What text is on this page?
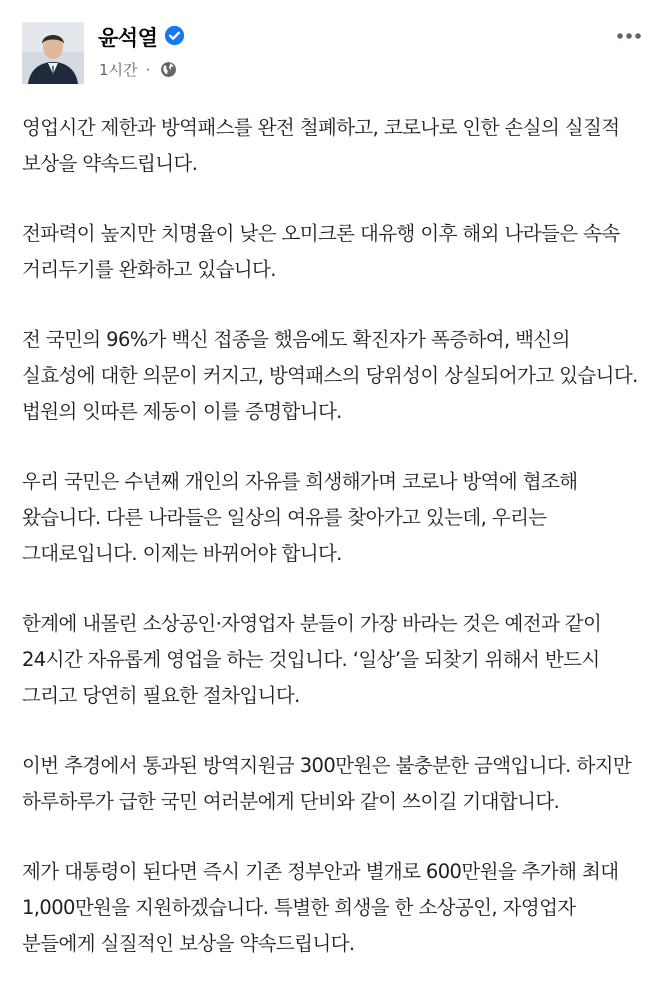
윤석열
1시간 ·
영업시간 제한과 방역패스를 완전 철폐하고, 코로나로 인한 손실의 실질적
보상을 약속드립니다.
전파력이 높지만 치명율이 낮은 오미크론 대유행 이후 해외 나라들은 속속
거리두기를 완화하고 있습니다.
전 국민의 96%가 백신 접종을 했음에도 확진자가 폭증하여, 백신의
실효성에 대한 의문이 커지고, 방역패스의 당위성이 상실되어가고 있습니다.
법원의 잇따른 제동이 이를 증명합니다.
우리 국민은 수년째 개인의 자유를 희생해가며 코로나 방역에 협조해
왔습니다. 다른 나라들은 일상의 여유를 찾아가고 있는데, 우리는
그대로입니다. 이제는 바뀌어야 합니다.
한계에 내몰린 소상공인·자영업자 분들이 가장 바라는 것은 예전과 같이
24시간 자유롭게 영업을 하는 것입니다. ‘일상’을 되찾기 위해서 반드시
그리고 당연히 필요한 절차입니다.
이번 추경에서 통과된 방역지원금 300만원은 불충분한 금액입니다. 하지만
하루하루가 급한 국민 여러분에게 단비와 같이 쓰이길 기대합니다.
제가 대통령이 된다면 즉시 기존 정부안과 별개로 600만원을 추가해 최대
1,000만원을 지원하겠습니다. 특별한 희생을 한 소상공인, 자영업자
분들에게 실질적인 보상을 약속드립니다.
